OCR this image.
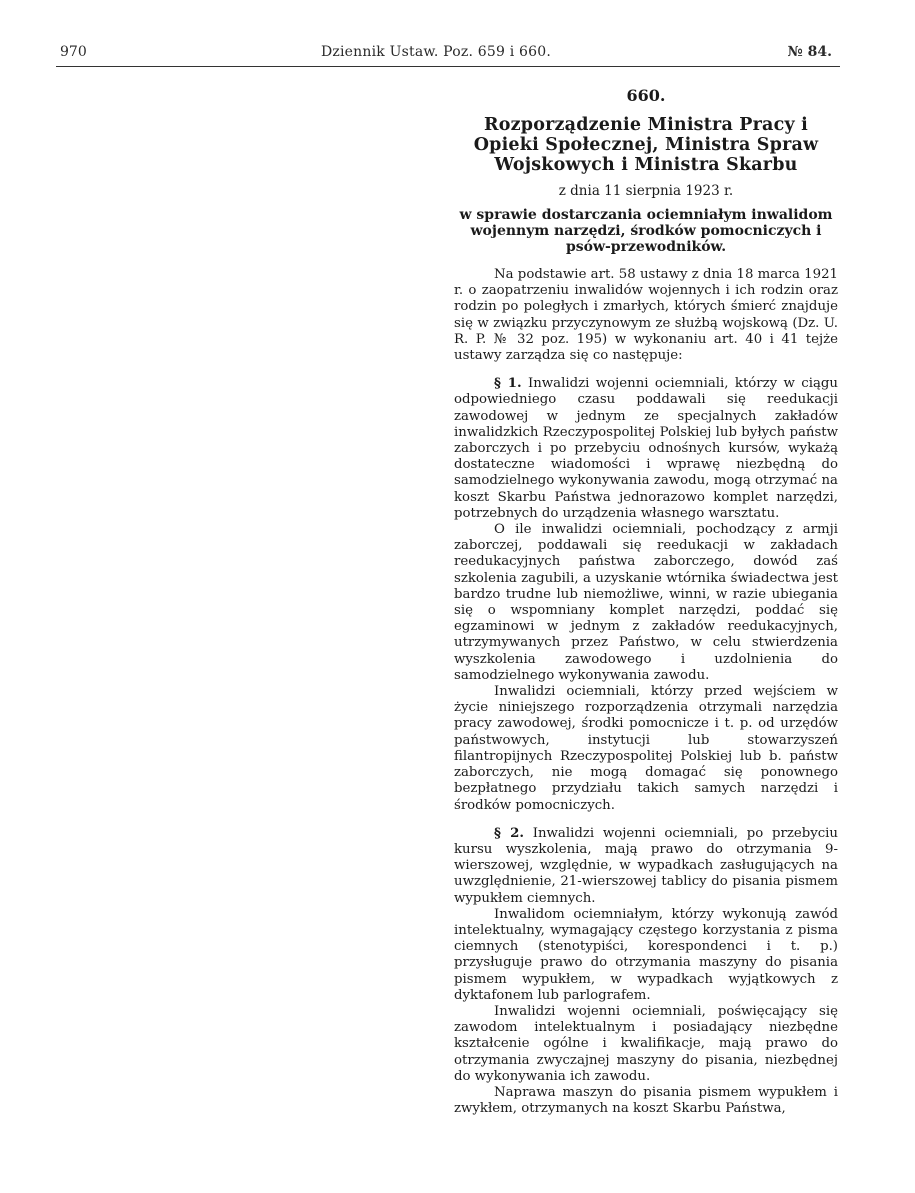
970	Dziennik Ustaw. Poz. 659 i 660.	№ 84.

660.

Rozporządzenie Ministra Pracy i Opieki Społecznej, Ministra Spraw Wojskowych i Ministra Skarbu

z dnia 11 sierpnia 1923 r.

w sprawie dostarczania ociemniałym inwalidom wojennym narzędzi, środków pomocniczych i psów-przewodników.

Na podstawie art. 58 ustawy z dnia 18 marca 1921 r. o zaopatrzeniu inwalidów wojennych i ich rodzin oraz rodzin po poległych i zmarłych, których śmierć znajduje się w związku przyczynowym ze służbą wojskową (Dz. U. R. P. № 32 poz. 195) w wykonaniu art. 40 i 41 tejże ustawy zarządza się co następuje:

§ 1. Inwalidzi wojenni ociemniali, którzy w ciągu odpowiedniego czasu poddawali się reedukacji zawodowej w jednym ze specjalnych zakładów inwalidzkich Rzeczypospolitej Polskiej lub byłych państw zaborczych i po przebyciu odnośnych kursów, wykażą dostateczne wiadomości i wprawę niezbędną do samodzielnego wykonywania zawodu, mogą otrzymać na koszt Skarbu Państwa jednorazowo komplet narzędzi, potrzebnych do urządzenia własnego warsztatu.

O ile inwalidzi ociemniali, pochodzący z armji zaborczej, poddawali się reedukacji w zakładach reedukacyjnych państwa zaborczego, dowód zaś szkolenia zagubili, a uzyskanie wtórnika świadectwa jest bardzo trudne lub niemożliwe, winni, w razie ubiegania się o wspomniany komplet narzędzi, poddać się egzaminowi w jednym z zakładów reedukacyjnych, utrzymywanych przez Państwo, w celu stwierdzenia wyszkolenia zawodowego i uzdolnienia do samodzielnego wykonywania zawodu.

Inwalidzi ociemniali, którzy przed wejściem w życie niniejszego rozporządzenia otrzymali narzędzia pracy zawodowej, środki pomocnicze i t. p. od urzędów państwowych, instytucji lub stowarzyszeń filantropijnych Rzeczypospolitej Polskiej lub b. państw zaborczych, nie mogą domagać się ponownego bezpłatnego przydziału takich samych narzędzi i środków pomocniczych.

§ 2. Inwalidzi wojenni ociemniali, po przebyciu kursu wyszkolenia, mają prawo do otrzymania 9-wierszowej, względnie, w wypadkach zasługujących na uwzględnienie, 21-wierszowej tablicy do pisania pismem wypukłem ciemnych.

Inwalidom ociemniałym, którzy wykonują zawód intelektualny, wymagający częstego korzystania z pisma ciemnych (stenotypiści, korespondenci i t. p.) przysługuje prawo do otrzymania maszyny do pisania pismem wypukłem, w wypadkach wyjątkowych z dyktafonem lub parlografem.

Inwalidzi wojenni ociemniali, poświęcający się zawodom intelektualnym i posiadający niezbędne kształcenie ogólne i kwalifikacje, mają prawo do otrzymania zwyczajnej maszyny do pisania, niezbędnej do wykonywania ich zawodu.

Naprawa maszyn do pisania pismem wypukłem i zwykłem, otrzymanych na koszt Skarbu Państwa,
